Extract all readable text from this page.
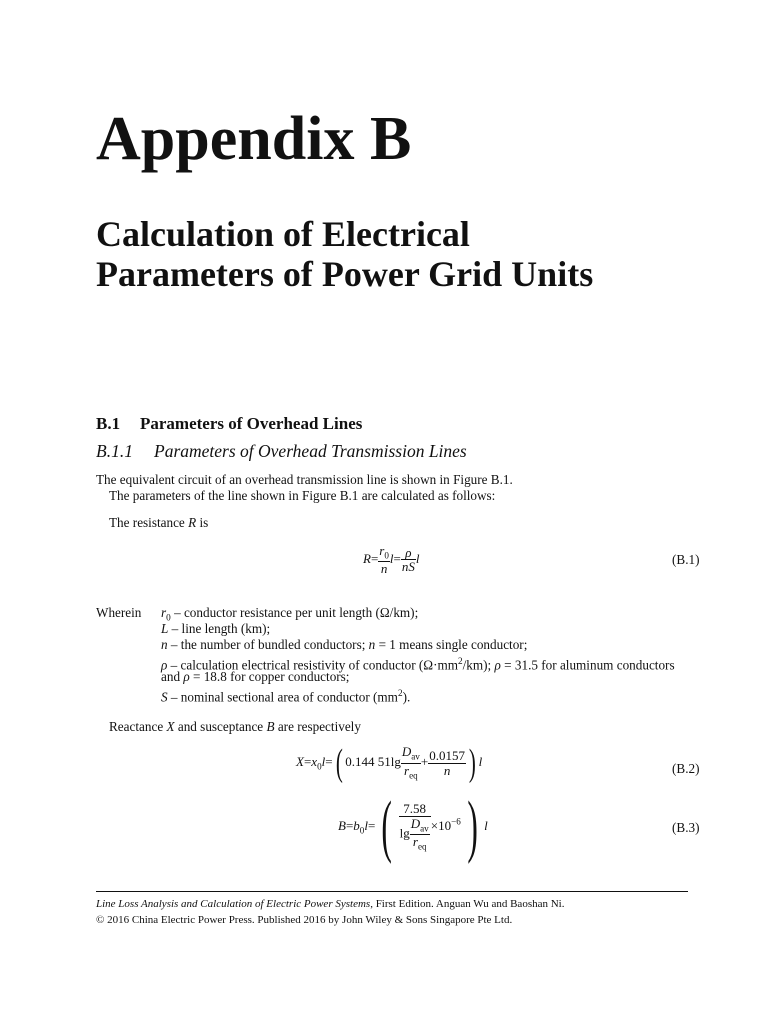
Appendix B
Calculation of Electrical
Parameters of Power Grid Units
B.1 Parameters of Overhead Lines
B.1.1 Parameters of Overhead Transmission Lines
The equivalent circuit of an overhead transmission line is shown in Figure B.1.
The parameters of the line shown in Figure B.1 are calculated as follows:
The resistance R is
$R= \frac{r_0}{n} l= \frac{\rho}{nS}$ l	(B.1)
Wherein $r_0$ – conductor resistance per unit length (Ω/km);
L – line length (km);
n – the number of bundled conductors; n = 1 means single conductor;
ρ – calculation electrical resistivity of conductor $(\Omega\cdot mm^2/km)$; ρ = 31.5 for aluminum conductors
and ρ = 18.8 for copper conductors;
S – nominal sectional area of conductor $(mm^2)$.
Reactance X and susceptance B are respectively
$X=x_0l=$( 0.144 $51\lg \frac{D_{av}}{r_{eq}} + \frac{0.0157}{n}$ ) l	(B.2)
$B=b_0l=( \frac{7.58}{\lg \frac{D_{av}}{r_{eq}}} \times 10^{-6})$ l	(B.3)
Line Loss Analysis and Calculation of Electric Power Systems, First Edition. Anguan Wu and Baoshan Ni.
© 2016 China Electric Power Press. Published 2016 by John Wiley & Sons Singapore Pte Ltd.
